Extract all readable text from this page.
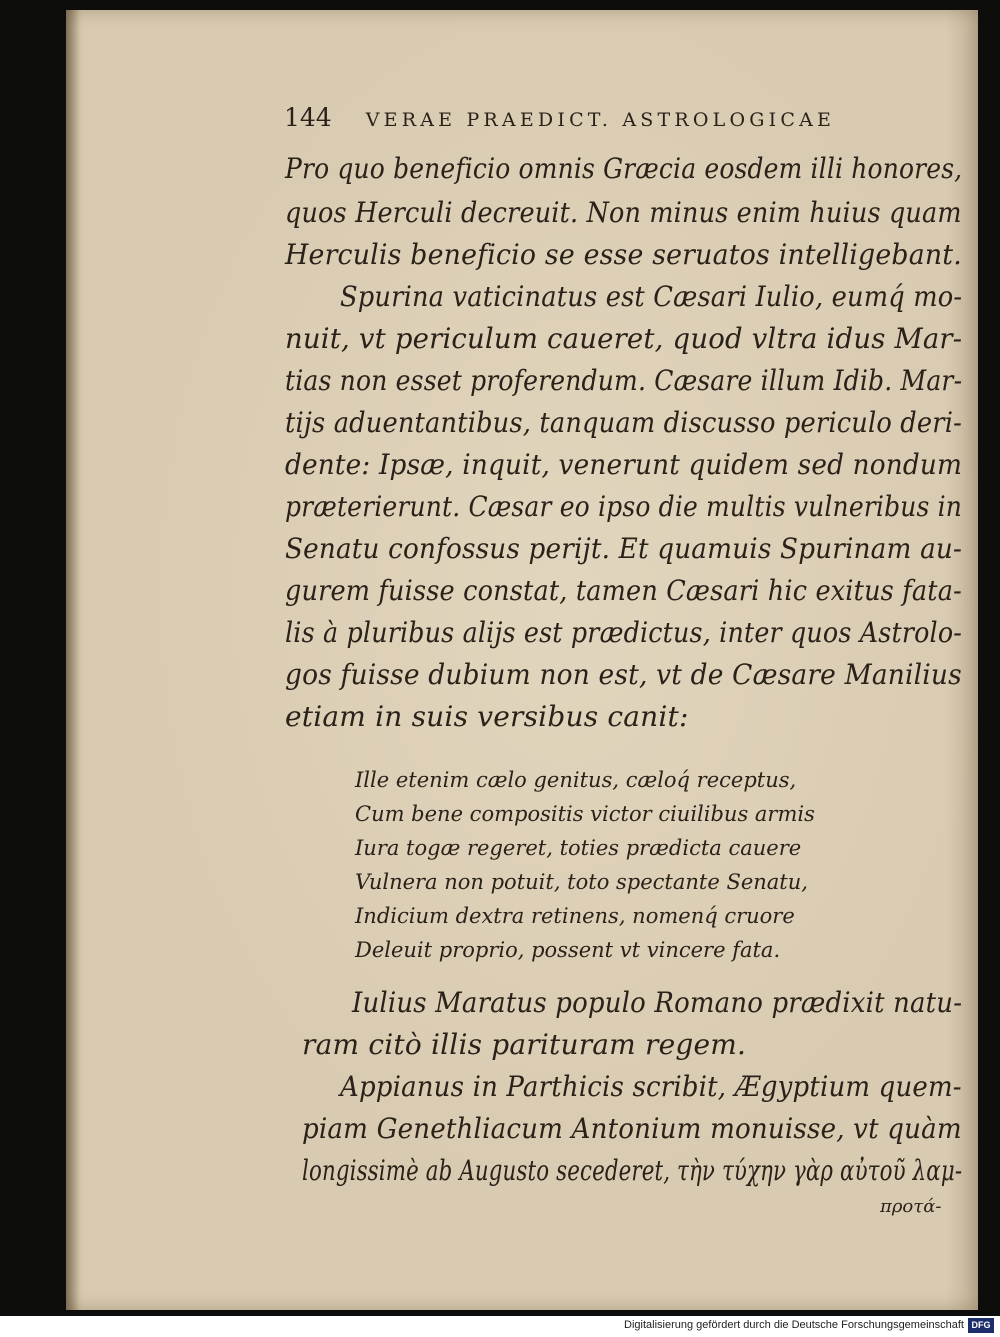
144 VERAE PRAEDICT. ASTROLOGICAE
Pro quo beneficio omnis Græcia eosdem illi honores,
quos Herculi decreuit. Non minus enim huius quam
Herculis beneficio se esse seruatos intelligebant.
Spurina vaticinatus est Cæsari Iulio, eumq́ mo-
nuit, vt periculum caueret, quod vltra idus Mar-
tias non esset proferendum. Cæsare illum Idib. Mar-
tijs aduentantibus, tanquam discusso periculo deri-
dente: Ipsæ, inquit, venerunt quidem sed nondum
præterierunt. Cæsar eo ipso die multis vulneribus in
Senatu confossus perijt. Et quamuis Spurinam au-
gurem fuisse constat, tamen Cæsari hic exitus fata-
lis à pluribus alijs est prædictus, inter quos Astrolo-
gos fuisse dubium non est, vt de Cæsare Manilius
etiam in suis versibus canit:
Ille etenim cælo genitus, cæloq́ receptus,
Cum bene compositis victor ciuilibus armis
Iura togæ regeret, toties prædicta cauere
Vulnera non potuit, toto spectante Senatu,
Indicium dextra retinens, nomenq́ cruore
Deleuit proprio, possent vt vincere fata.
Iulius Maratus populo Romano prædixit natu-
ram citò illis parituram regem.
Appianus in Parthicis scribit, Ægyptium quem-
piam Genethliacum Antonium monuisse, vt quàm
longissimè ab Augusto secederet, τὴν τύχην γὰρ αὐτοῦ λαμ-
προτά-
Digitalisierung gefördert durch die Deutsche Forschungsgemeinschaft DFG
